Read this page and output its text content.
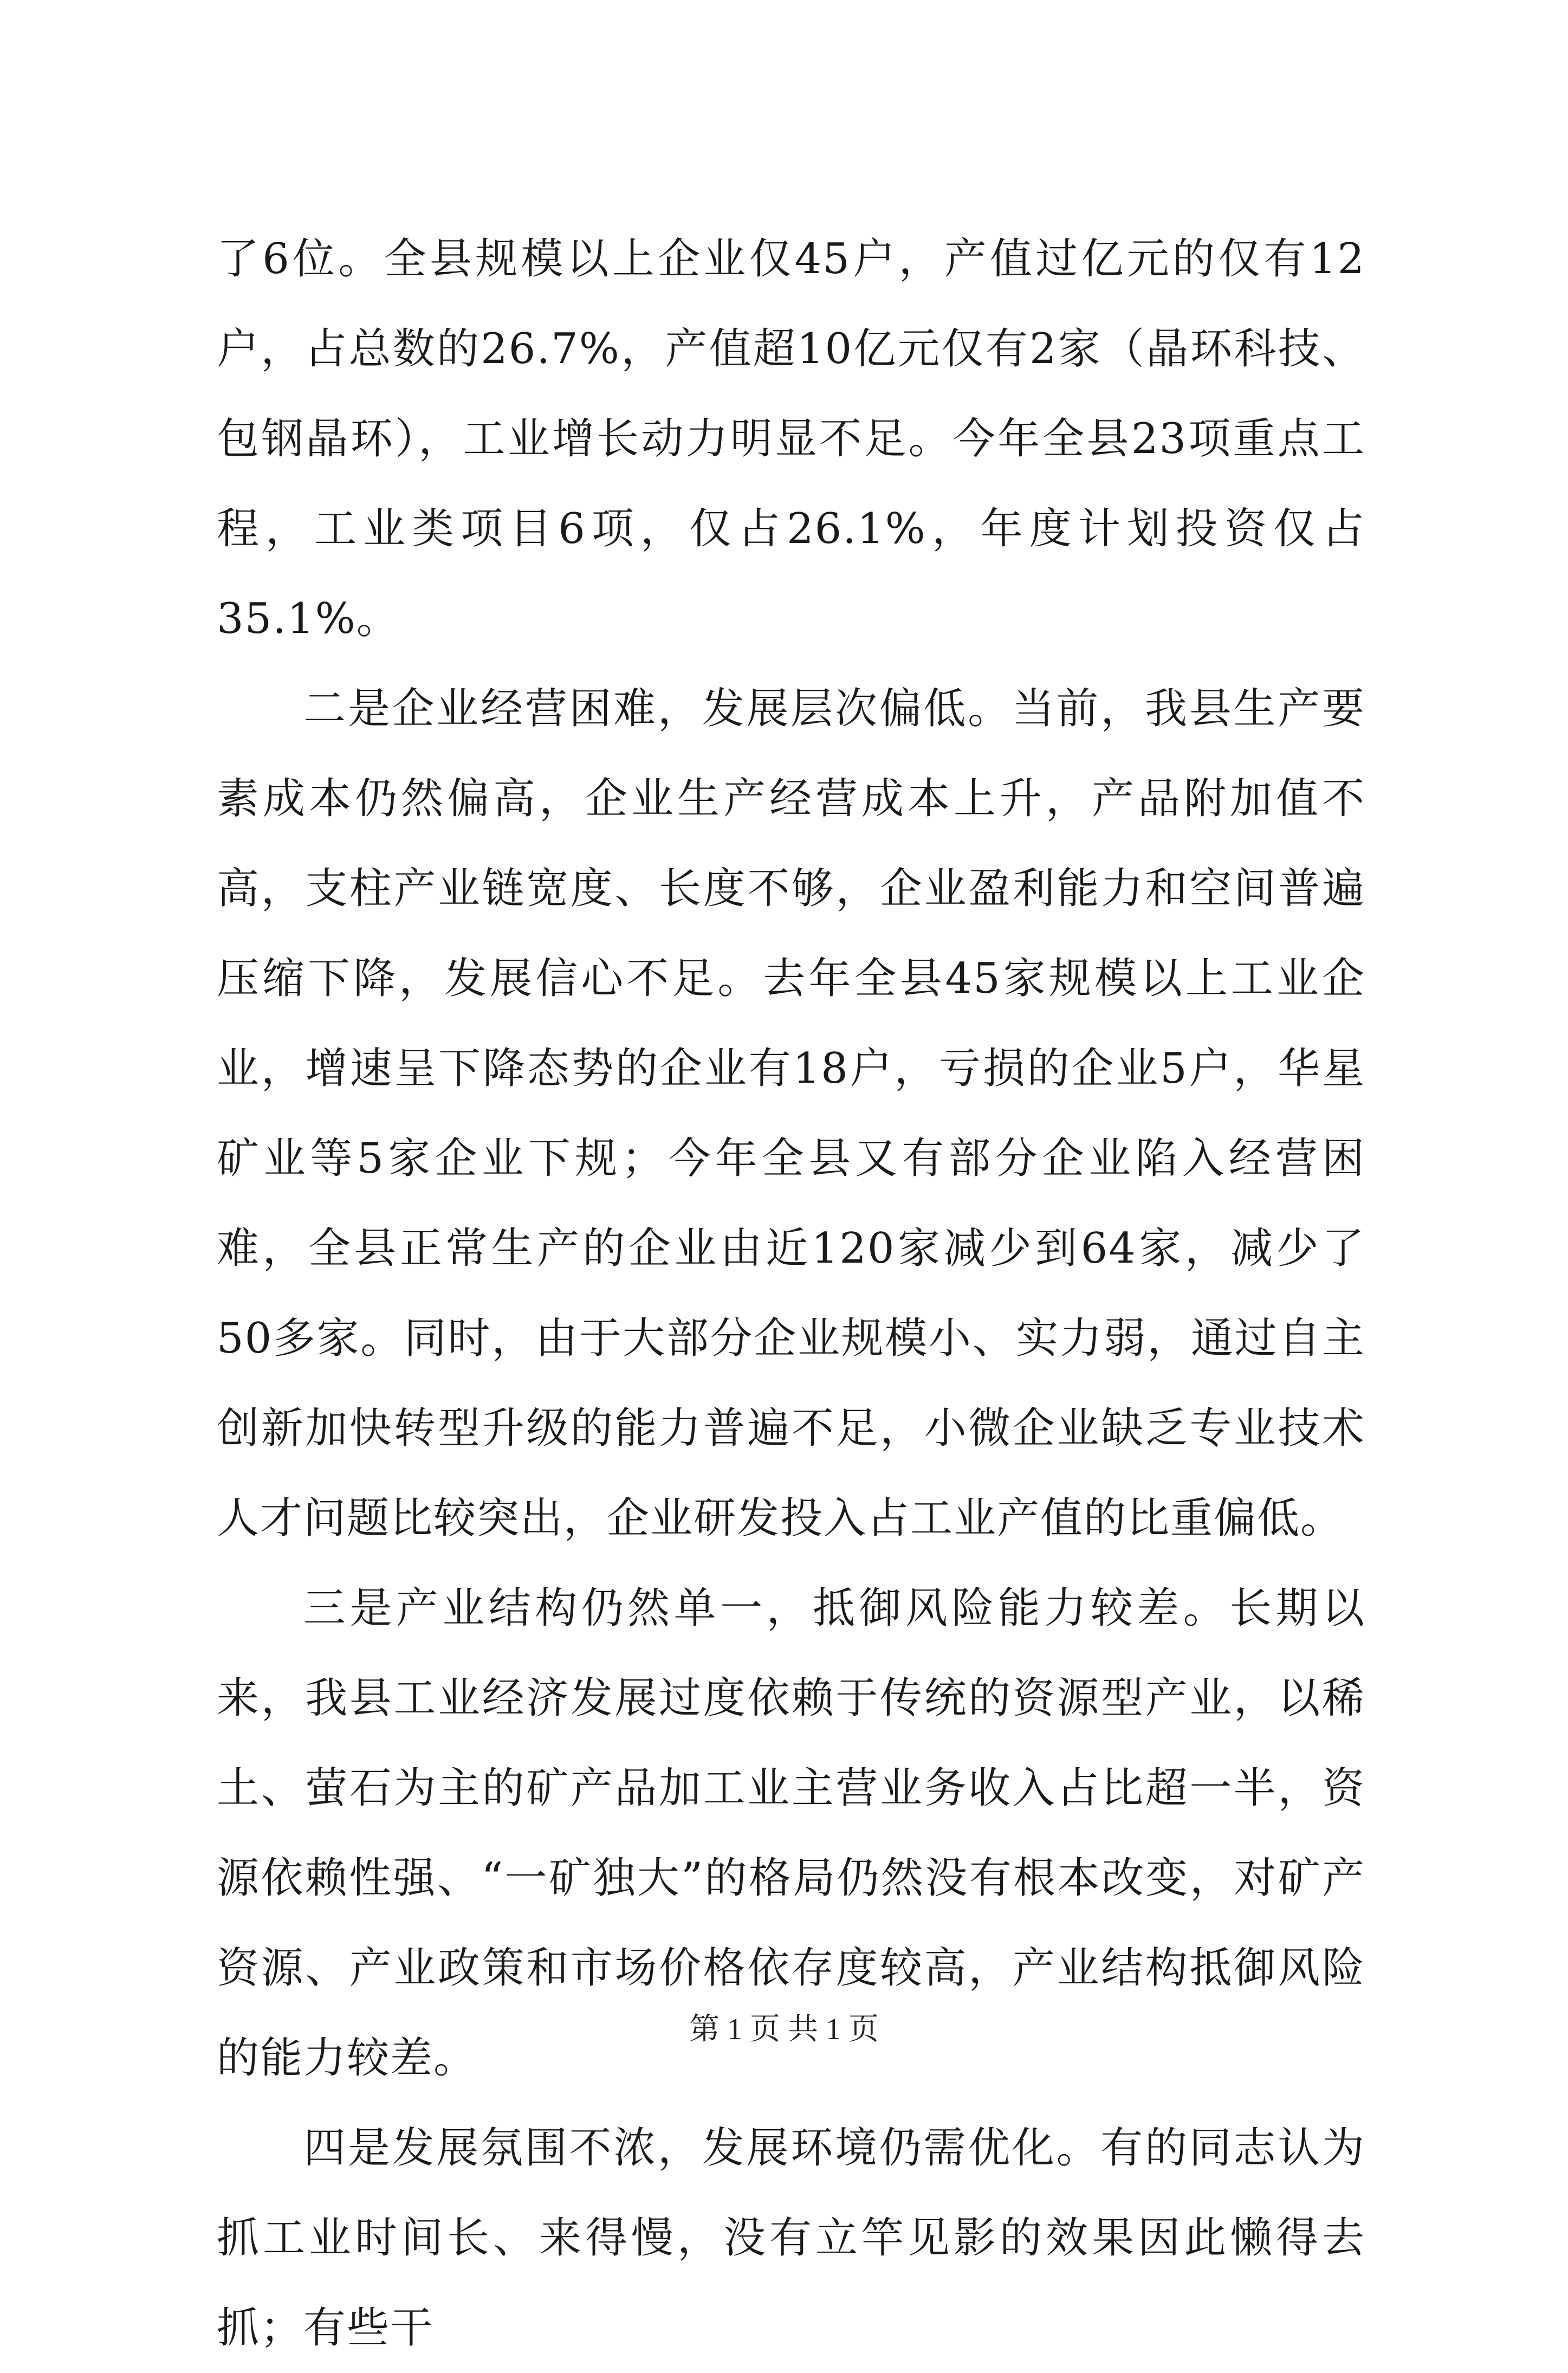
了6位。全县规模以上企业仅45户，产值过亿元的仅有12户，占总数的26.7%，产值超10亿元仅有2家（晶环科技、包钢晶环），工业增长动力明显不足。今年全县23项重点工程，工业类项目6项，仅占26.1%，年度计划投资仅占35.1%。

二是企业经营困难，发展层次偏低。当前，我县生产要素成本仍然偏高，企业生产经营成本上升，产品附加值不高，支柱产业链宽度、长度不够，企业盈利能力和空间普遍压缩下降，发展信心不足。去年全县45家规模以上工业企业，增速呈下降态势的企业有18户，亏损的企业5户，华星矿业等5家企业下规；今年全县又有部分企业陷入经营困难，全县正常生产的企业由近120家减少到64家，减少了50多家。同时，由于大部分企业规模小、实力弱，通过自主创新加快转型升级的能力普遍不足，小微企业缺乏专业技术人才问题比较突出，企业研发投入占工业产值的比重偏低。

三是产业结构仍然单一，抵御风险能力较差。长期以来，我县工业经济发展过度依赖于传统的资源型产业，以稀土、萤石为主的矿产品加工业主营业务收入占比超一半，资源依赖性强、“一矿独大”的格局仍然没有根本改变，对矿产资源、产业政策和市场价格依存度较高，产业结构抵御风险的能力较差。

四是发展氛围不浓，发展环境仍需优化。有的同志认为抓工业时间长、来得慢，没有立竿见影的效果因此懒得去抓；有些干

第 1 页 共 1 页
